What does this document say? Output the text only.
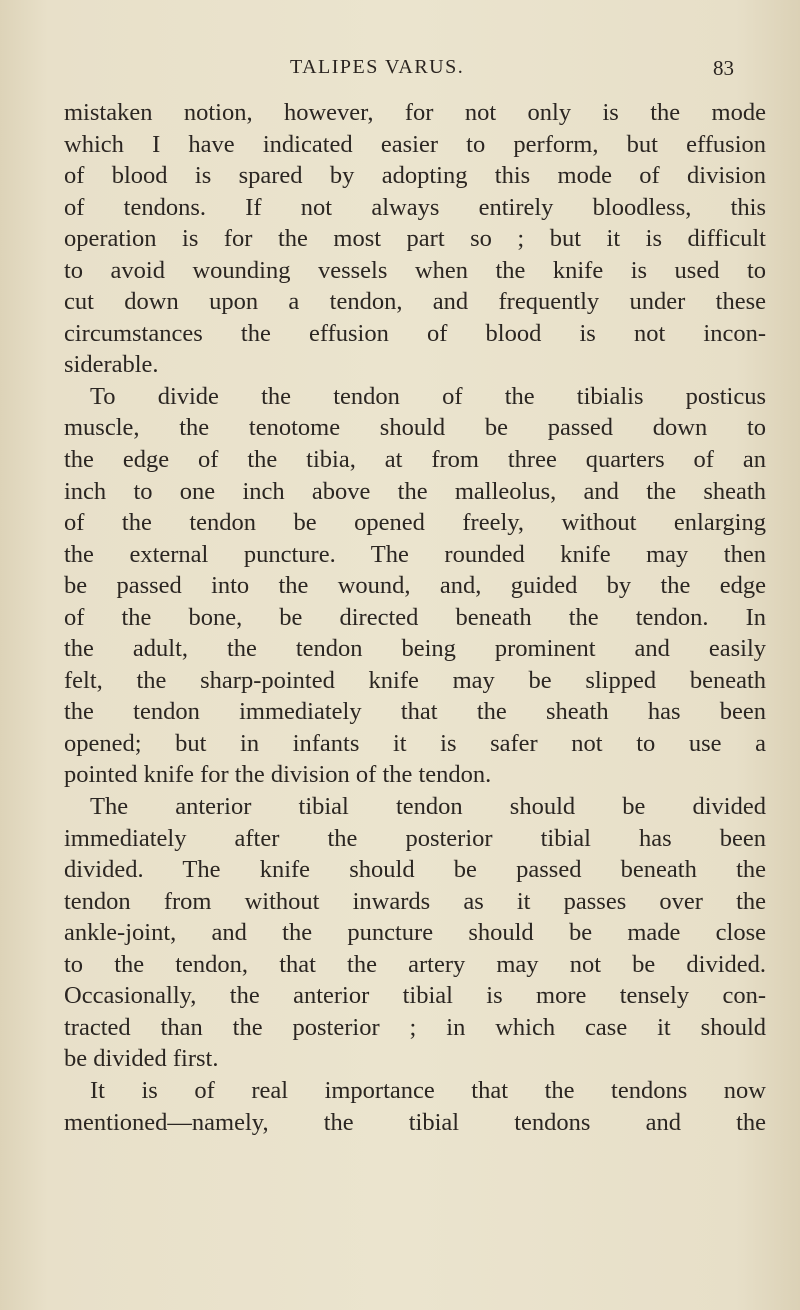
TALIPES VARUS.	83
mistaken notion, however, for not only is the mode
which I have indicated easier to perform, but effusion
of blood is spared by adopting this mode of division
of tendons. If not always entirely bloodless, this
operation is for the most part so ; but it is difficult
to avoid wounding vessels when the knife is used to
cut down upon a tendon, and frequently under these
circumstances the effusion of blood is not incon-
siderable.
To divide the tendon of the tibialis posticus
muscle, the tenotome should be passed down to
the edge of the tibia, at from three quarters of an
inch to one inch above the malleolus, and the sheath
of the tendon be opened freely, without enlarging
the external puncture. The rounded knife may then
be passed into the wound, and, guided by the edge
of the bone, be directed beneath the tendon. In
the adult, the tendon being prominent and easily
felt, the sharp-pointed knife may be slipped beneath
the tendon immediately that the sheath has been
opened; but in infants it is safer not to use a
pointed knife for the division of the tendon.
The anterior tibial tendon should be divided
immediately after the posterior tibial has been
divided. The knife should be passed beneath the
tendon from without inwards as it passes over the
ankle-joint, and the puncture should be made close
to the tendon, that the artery may not be divided.
Occasionally, the anterior tibial is more tensely con-
tracted than the posterior ; in which case it should
be divided first.
It is of real importance that the tendons now
mentioned—namely, the tibial tendons and the
